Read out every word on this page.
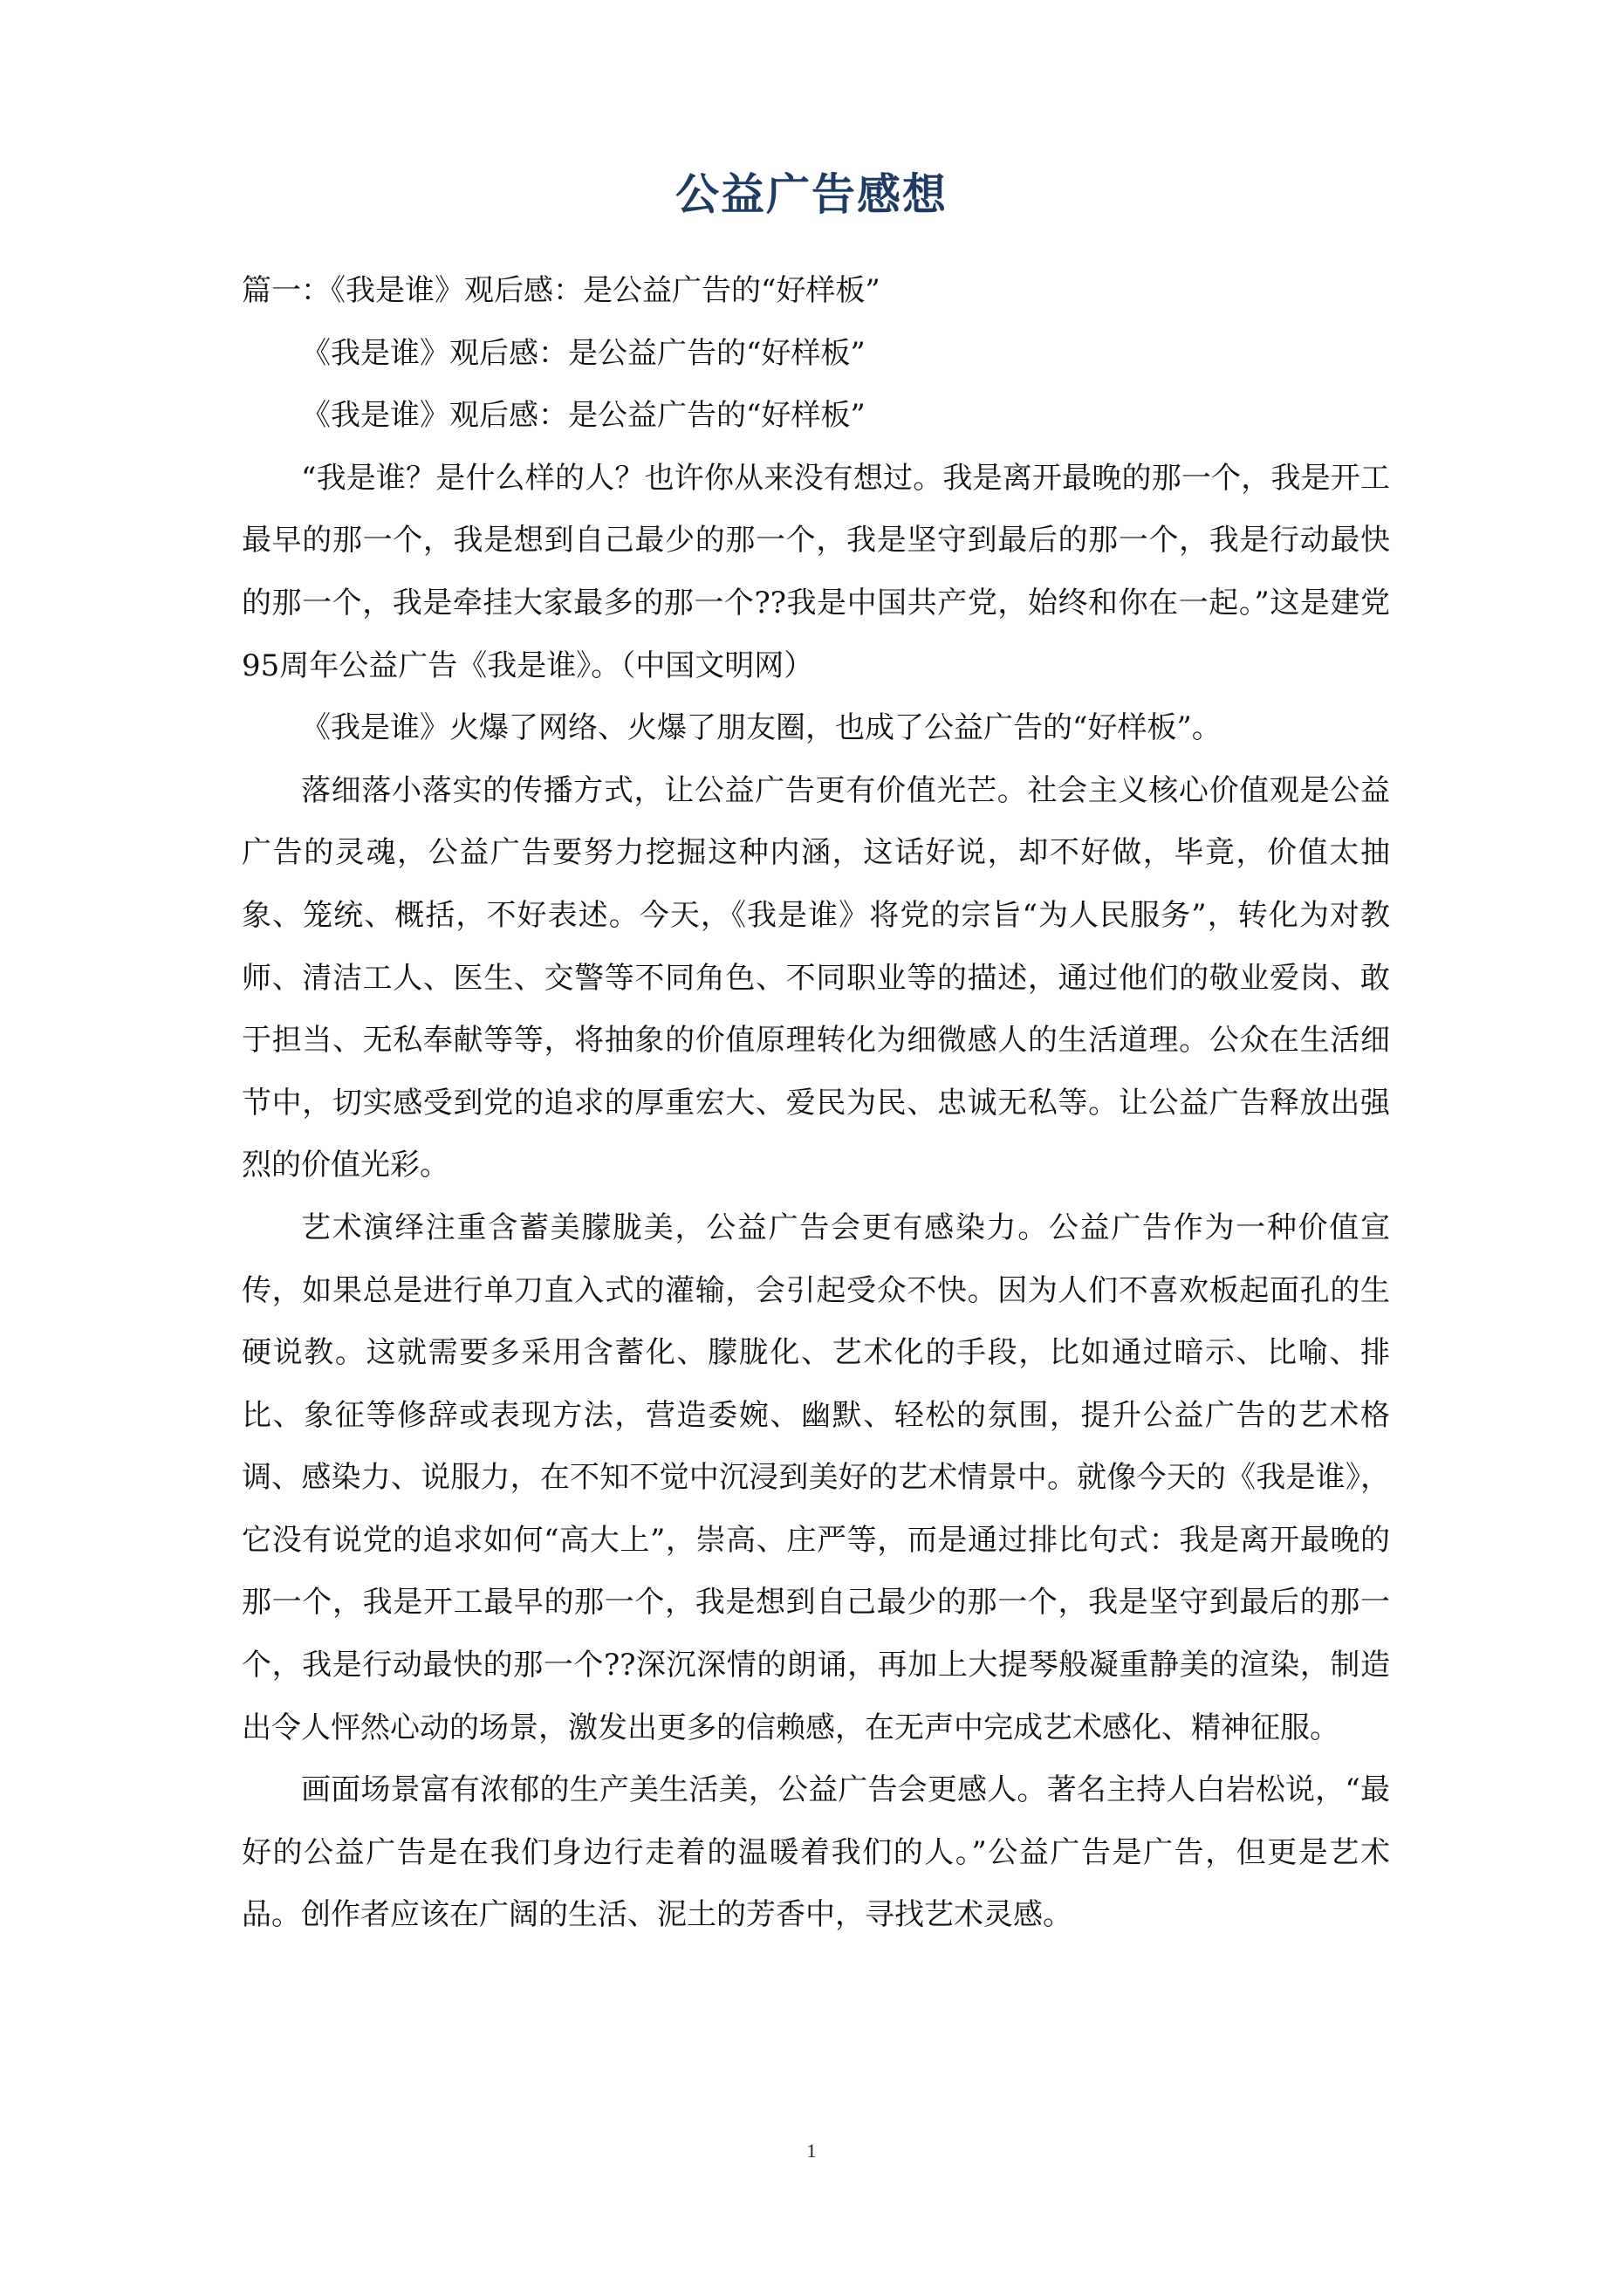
公益广告感想

篇一：《我是谁》观后感：是公益广告的“好样板”

《我是谁》观后感：是公益广告的“好样板”

《我是谁》观后感：是公益广告的“好样板”

“我是谁？是什么样的人？也许你从来没有想过。我是离开最晚的那一个，我是开工最早的那一个，我是想到自己最少的那一个，我是坚守到最后的那一个，我是行动最快的那一个，我是牵挂大家最多的那一个??我是中国共产党，始终和你在一起。”这是建党95周年公益广告《我是谁》。（中国文明网）

《我是谁》火爆了网络、火爆了朋友圈，也成了公益广告的“好样板”。

落细落小落实的传播方式，让公益广告更有价值光芒。社会主义核心价值观是公益广告的灵魂，公益广告要努力挖掘这种内涵，这话好说，却不好做，毕竟，价值太抽象、笼统、概括，不好表述。今天，《我是谁》将党的宗旨“为人民服务”，转化为对教师、清洁工人、医生、交警等不同角色、不同职业等的描述，通过他们的敬业爱岗、敢于担当、无私奉献等等，将抽象的价值原理转化为细微感人的生活道理。公众在生活细节中，切实感受到党的追求的厚重宏大、爱民为民、忠诚无私等。让公益广告释放出强烈的价值光彩。

艺术演绎注重含蓄美朦胧美，公益广告会更有感染力。公益广告作为一种价值宣传，如果总是进行单刀直入式的灌输，会引起受众不快。因为人们不喜欢板起面孔的生硬说教。这就需要多采用含蓄化、朦胧化、艺术化的手段，比如通过暗示、比喻、排比、象征等修辞或表现方法，营造委婉、幽默、轻松的氛围，提升公益广告的艺术格调、感染力、说服力，在不知不觉中沉浸到美好的艺术情景中。就像今天的《我是谁》，它没有说党的追求如何“高大上”，崇高、庄严等，而是通过排比句式：我是离开最晚的那一个，我是开工最早的那一个，我是想到自己最少的那一个，我是坚守到最后的那一个，我是行动最快的那一个??深沉深情的朗诵，再加上大提琴般凝重静美的渲染，制造出令人怦然心动的场景，激发出更多的信赖感，在无声中完成艺术感化、精神征服。

画面场景富有浓郁的生产美生活美，公益广告会更感人。著名主持人白岩松说，“最好的公益广告是在我们身边行走着的温暖着我们的人。”公益广告是广告，但更是艺术品。创作者应该在广阔的生活、泥土的芳香中，寻找艺术灵感。

1
